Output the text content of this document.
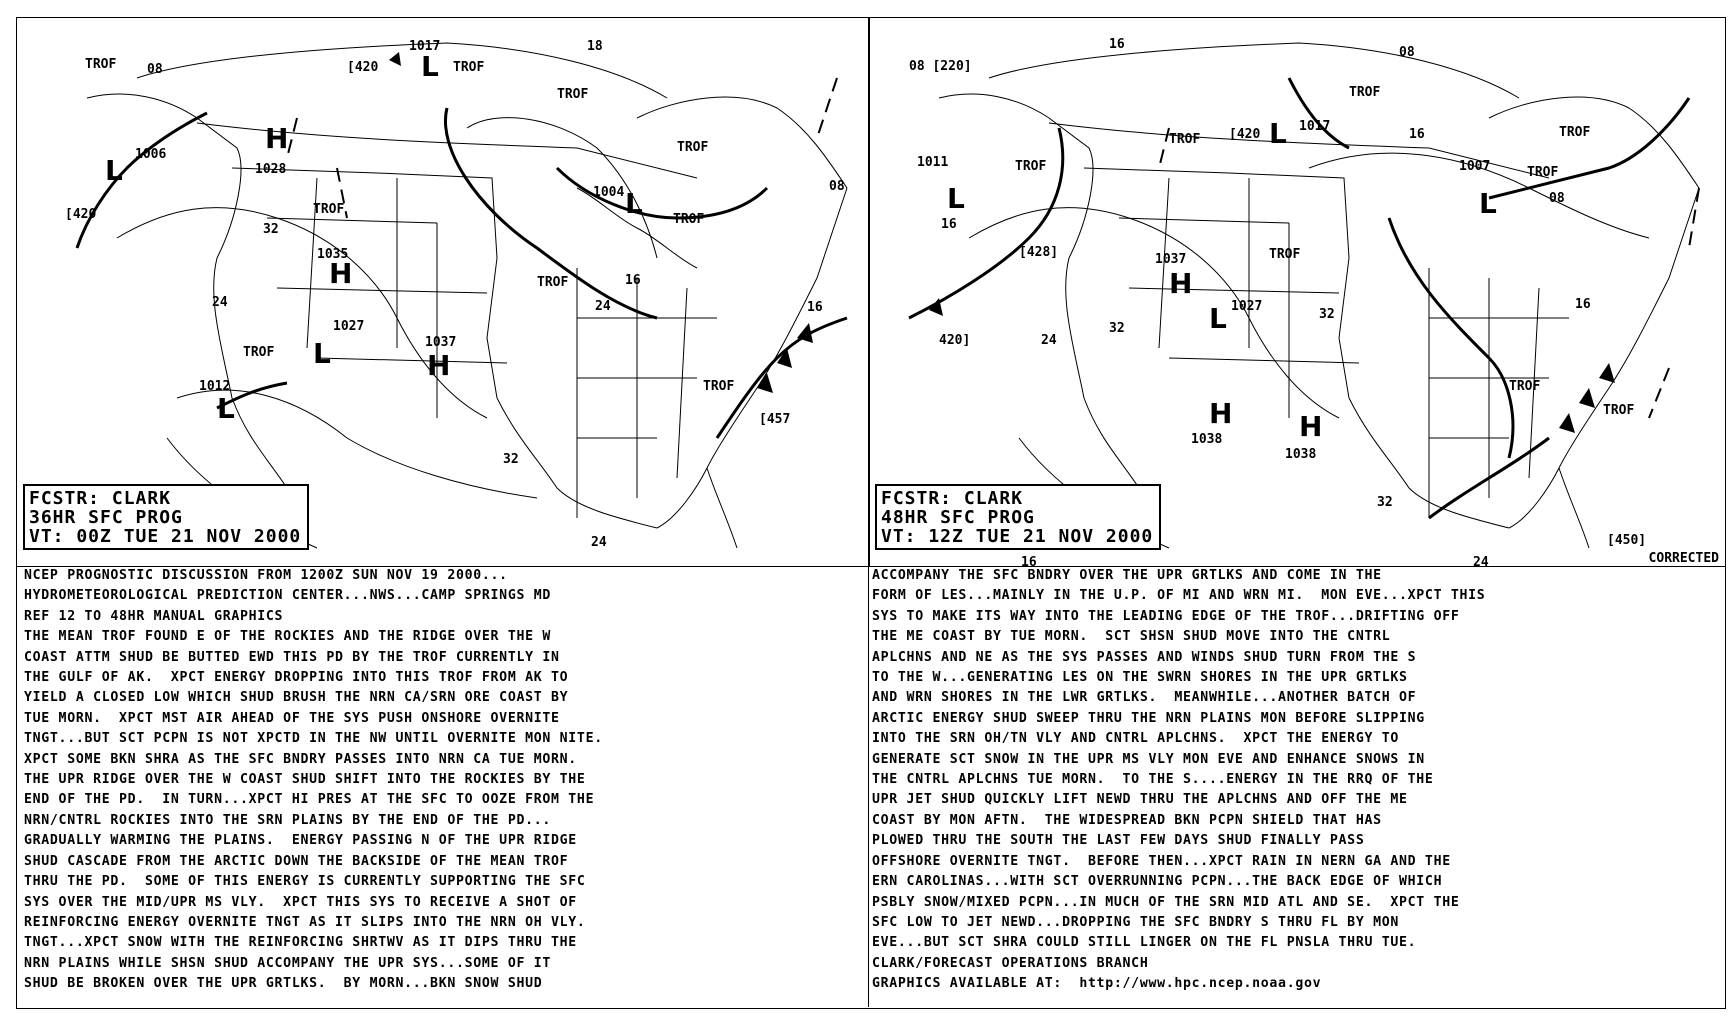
L
H
L
H
L	H
L
L
TROF 08
1017
[420	TROF
18
TROF
1006
1028
TROF
TROF
08
[420
32
1035
1004
TROF	16
TROF
16
24
1027
1037
TROF
TROF
1012
24
[457
32
24
FCSTR: CLARK
36HR SFC PROG
VT: 00Z TUE 21 NOV 2000
L
L
H
L
H H
L
08 [220]
16
08
TROF
[420
1017
TROF	16
1011	TROF	1007	TROF
16
[428]	TROF
1037
1027
32
16
420]	24
32
TROF
TROF
1038
1038
32
24
[450]
16
08
TROF
FCSTR: CLARK
48HR SFC PROG
VT: 12Z TUE 21 NOV 2000
CORRECTED
NCEP PROGNOSTIC DISCUSSION FROM 1200Z SUN NOV 19 2000...
HYDROMETEOROLOGICAL PREDICTION CENTER...NWS...CAMP SPRINGS MD
REF 12 TO 48HR MANUAL GRAPHICS
THE MEAN TROF FOUND E OF THE ROCKIES AND THE RIDGE OVER THE W
COAST ATTM SHUD BE BUTTED EWD THIS PD BY THE TROF CURRENTLY IN
THE GULF OF AK.  XPCT ENERGY DROPPING INTO THIS TROF FROM AK TO
YIELD A CLOSED LOW WHICH SHUD BRUSH THE NRN CA/SRN ORE COAST BY
TUE MORN.  XPCT MST AIR AHEAD OF THE SYS PUSH ONSHORE OVERNITE
TNGT...BUT SCT PCPN IS NOT XPCTD IN THE NW UNTIL OVERNITE MON NITE.
XPCT SOME BKN SHRA AS THE SFC BNDRY PASSES INTO NRN CA TUE MORN.
THE UPR RIDGE OVER THE W COAST SHUD SHIFT INTO THE ROCKIES BY THE
END OF THE PD.  IN TURN...XPCT HI PRES AT THE SFC TO OOZE FROM THE
NRN/CNTRL ROCKIES INTO THE SRN PLAINS BY THE END OF THE PD...
GRADUALLY WARMING THE PLAINS.  ENERGY PASSING N OF THE UPR RIDGE
SHUD CASCADE FROM THE ARCTIC DOWN THE BACKSIDE OF THE MEAN TROF
THRU THE PD.  SOME OF THIS ENERGY IS CURRENTLY SUPPORTING THE SFC
SYS OVER THE MID/UPR MS VLY.  XPCT THIS SYS TO RECEIVE A SHOT OF
REINFORCING ENERGY OVERNITE TNGT AS IT SLIPS INTO THE NRN OH VLY.
TNGT...XPCT SNOW WITH THE REINFORCING SHRTWV AS IT DIPS THRU THE
NRN PLAINS WHILE SHSN SHUD ACCOMPANY THE UPR SYS...SOME OF IT
SHUD BE BROKEN OVER THE UPR GRTLKS.  BY MORN...BKN SNOW SHUD
ACCOMPANY THE SFC BNDRY OVER THE UPR GRTLKS AND COME IN THE
FORM OF LES...MAINLY IN THE U.P. OF MI AND WRN MI.  MON EVE...XPCT THIS
SYS TO MAKE ITS WAY INTO THE LEADING EDGE OF THE TROF...DRIFTING OFF
THE ME COAST BY TUE MORN.  SCT SHSN SHUD MOVE INTO THE CNTRL
APLCHNS AND NE AS THE SYS PASSES AND WINDS SHUD TURN FROM THE S
TO THE W...GENERATING LES ON THE SWRN SHORES IN THE UPR GRTLKS
AND WRN SHORES IN THE LWR GRTLKS.  MEANWHILE...ANOTHER BATCH OF
ARCTIC ENERGY SHUD SWEEP THRU THE NRN PLAINS MON BEFORE SLIPPING
INTO THE SRN OH/TN VLY AND CNTRL APLCHNS.  XPCT THE ENERGY TO
GENERATE SCT SNOW IN THE UPR MS VLY MON EVE AND ENHANCE SNOWS IN
THE CNTRL APLCHNS TUE MORN.  TO THE S....ENERGY IN THE RRQ OF THE
UPR JET SHUD QUICKLY LIFT NEWD THRU THE APLCHNS AND OFF THE ME
COAST BY MON AFTN.  THE WIDESPREAD BKN PCPN SHIELD THAT HAS
PLOWED THRU THE SOUTH THE LAST FEW DAYS SHUD FINALLY PASS
OFFSHORE OVERNITE TNGT.  BEFORE THEN...XPCT RAIN IN NERN GA AND THE
ERN CAROLINAS...WITH SCT OVERRUNNING PCPN...THE BACK EDGE OF WHICH
PSBLY SNOW/MIXED PCPN...IN MUCH OF THE SRN MID ATL AND SE.  XPCT THE
SFC LOW TO JET NEWD...DROPPING THE SFC BNDRY S THRU FL BY MON
EVE...BUT SCT SHRA COULD STILL LINGER ON THE FL PNSLA THRU TUE.
CLARK/FORECAST OPERATIONS BRANCH
GRAPHICS AVAILABLE AT:  http://www.hpc.ncep.noaa.gov
